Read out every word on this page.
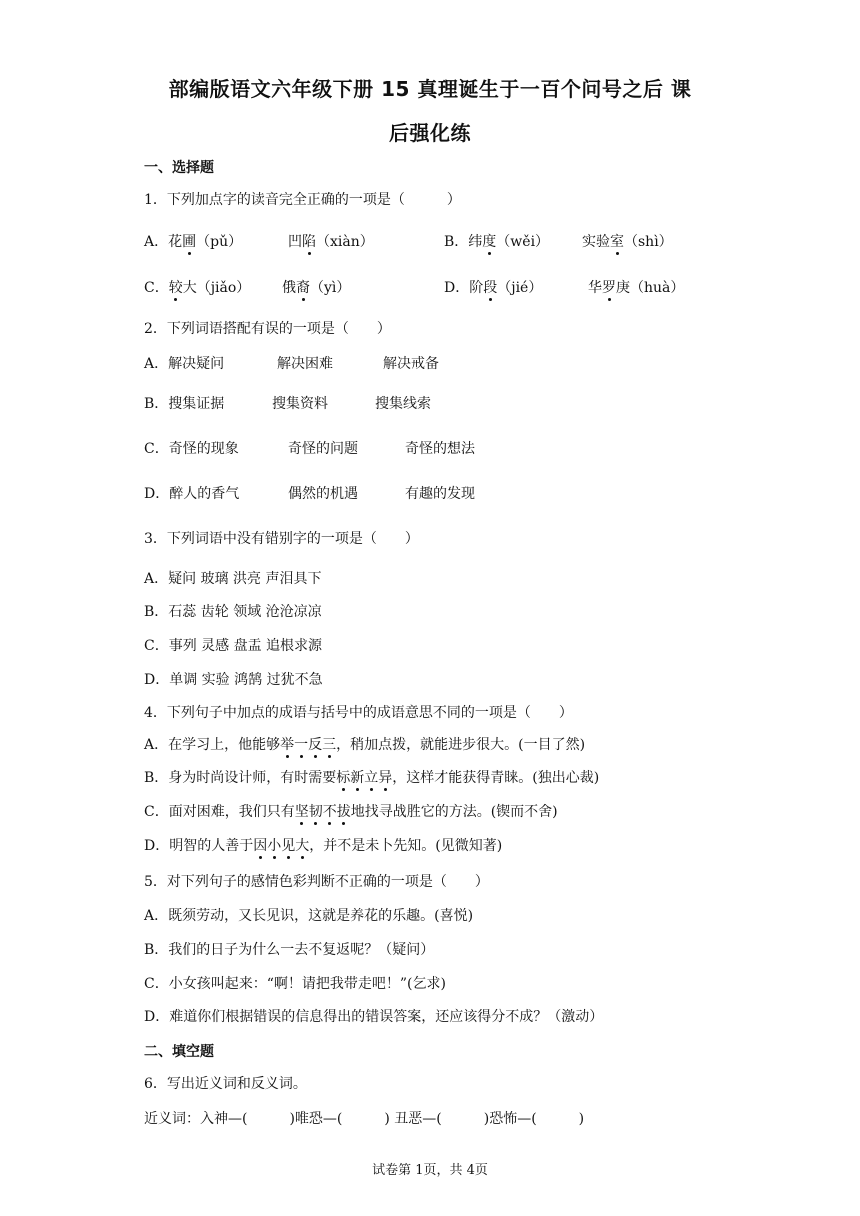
部编版语文六年级下册 15 真理诞生于一百个问号之后 课
后强化练
一、选择题
1．下列加点字的读音完全正确的一项是（　　　）
A．花圃（pǔ）	凹陷（xiàn）	B．纬度（wěi） 实验室（shì）
C．较大（jiǎo） 俄裔（yì）	D．阶段（jié）	华罗庚（huà）
2．下列词语搭配有误的一项是（　　）
A．解决疑问	解决困难	解决戒备
B．搜集证据	搜集资料	搜集线索
C．奇怪的现象	奇怪的问题	奇怪的想法
D．醉人的香气	偶然的机遇	有趣的发现
3．下列词语中没有错别字的一项是（　　）
A．疑问 玻璃 洪亮 声泪具下
B．石蕊 齿轮 领域 沧沧凉凉
C．事列 灵感 盘盂 追根求源
D．单调 实验 鸿鹄 过犹不急
4．下列句子中加点的成语与括号中的成语意思不同的一项是（　　）
A．在学习上，他能够举一反三，稍加点拨，就能进步很大。(一目了然)
B．身为时尚设计师，有时需要标新立异，这样才能获得青睐。(独出心裁)
C．面对困难，我们只有坚韧不拔地找寻战胜它的方法。(锲而不舍)
D．明智的人善于因小见大，并不是未卜先知。(见微知著)
5．对下列句子的感情色彩判断不正确的一项是（　　）
A．既须劳动，又长见识，这就是养花的乐趣。(喜悦)
B．我们的日子为什么一去不复返呢？（疑问）
C．小女孩叫起来：“啊！请把我带走吧！”(乞求)
D．难道你们根据错误的信息得出的错误答案，还应该得分不成？（激动）
二、填空题
6．写出近义词和反义词。
近义词：入神—(　　　)唯恐—(　　　) 丑恶—(　　　)恐怖—(　　　)
试卷第 1页，共 4页
